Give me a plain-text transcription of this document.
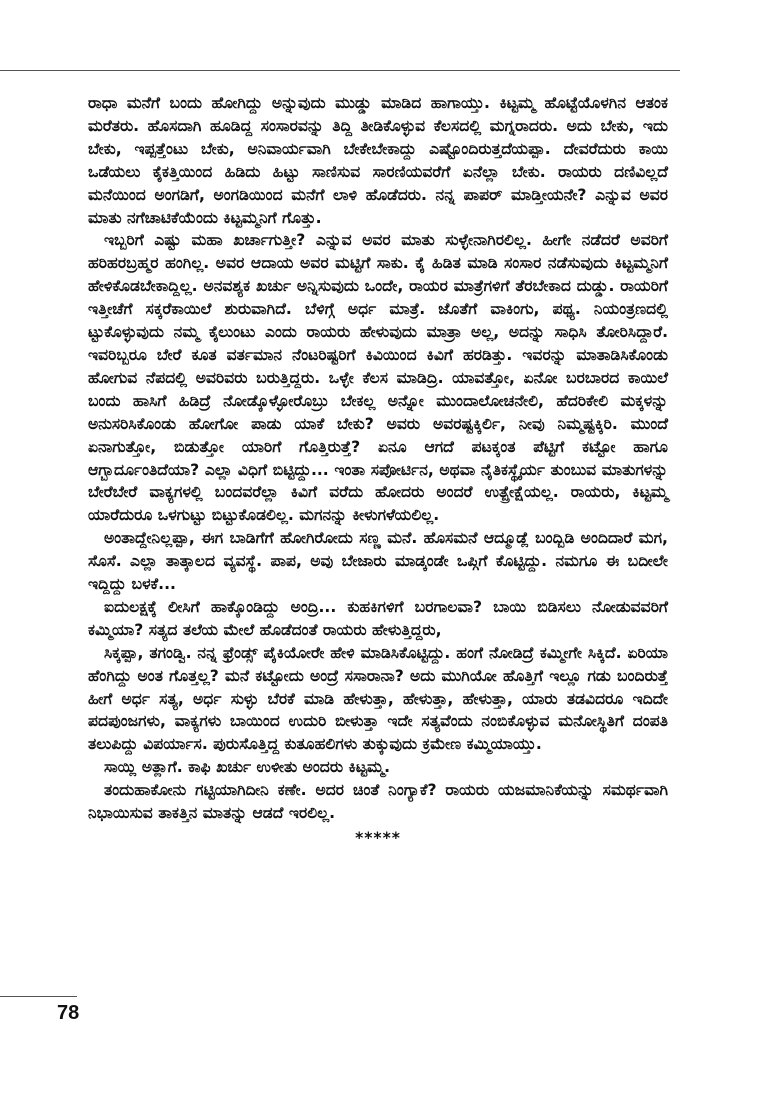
ರಾಧಾ ಮನೆಗೆ ಬಂದು ಹೋಗಿದ್ದು ಅನ್ನುವುದು ಮುಡ್ಡು ಮಾಡಿದ ಹಾಗಾಯ್ತು. ಕಿಟ್ಟಮ್ಮ ಹೊಟ್ಟೆಯೊಳಗಿನ ಆತಂಕ ಮರೆತರು. ಹೊಸದಾಗಿ ಹೂಡಿದ್ದ ಸಂಸಾರವನ್ನು ತಿದ್ದಿ ತೀಡಿಕೊಳ್ಳುವ ಕೆಲಸದಲ್ಲಿ ಮಗ್ನರಾದರು. ಅದು ಬೇಕು, ಇದು ಬೇಕು, ಇಪ್ಪತ್ತೆಂಟು ಬೇಕು, ಅನಿವಾರ್ಯವಾಗಿ ಬೇಕೇಬೇಕಾದ್ದು ಎಷ್ಟೊಂದಿರುತ್ತದೆಯಪ್ಪಾ. ದೇವರೆದುರು ಕಾಯಿ ಒಡೆಯಲು ಕೈಕತ್ತಿಯಿಂದ ಹಿಡಿದು ಹಿಟ್ಟು ಸಾಣಿಸುವ ಸಾರಣಿಯವರೆಗೆ ಏನೆಲ್ಲಾ ಬೇಕು. ರಾಯರು ದಣಿವಿಲ್ಲದೆ ಮನೆಯಿಂದ ಅಂಗಡಿಗೆ, ಅಂಗಡಿಯಿಂದ ಮನೆಗೆ ಲಾಳಿ ಹೊಡೆದರು. ನನ್ನ ಪಾಪರ್ ಮಾಡ್ತೀಯನೇ? ಎನ್ನುವ ಅವರ ಮಾತು ನಗೆಚಾಟಿಕೆಯೆಂದು ಕಿಟ್ಟಮ್ಮನಿಗೆ ಗೊತ್ತು.

ಇಬ್ಬರಿಗೆ ಎಷ್ಟು ಮಹಾ ಖರ್ಚಾಗುತ್ತೀ? ಎನ್ನುವ ಅವರ ಮಾತು ಸುಳ್ಳೇನಾಗಿರಲಿಲ್ಲ. ಹೀಗೇ ನಡೆದರೆ ಅವರಿಗೆ ಹರಿಹರಬ್ರಹ್ಮರ ಹಂಗಿಲ್ಲ. ಅವರ ಆದಾಯ ಅವರ ಮಟ್ಟಿಗೆ ಸಾಕು. ಕೈ ಹಿಡಿತ ಮಾಡಿ ಸಂಸಾರ ನಡೆಸುವುದು ಕಿಟ್ಟಮ್ಮನಿಗೆ ಹೇಳಿಕೊಡಬೇಕಾದ್ದಿಲ್ಲ. ಅನವಶ್ಯಕ ಖರ್ಚು ಅನ್ನಿಸುವುದು ಒಂದೇ, ರಾಯರ ಮಾತ್ರೆಗಳಿಗೆ ತೆರಬೇಕಾದ ದುಡ್ಡು. ರಾಯರಿಗೆ ಇತ್ತೀಚೆಗೆ ಸಕ್ಕರೆಕಾಯಿಲೆ ಶುರುವಾಗಿದೆ. ಬೆಳಿಗ್ಗೆ ಅರ್ಧ ಮಾತ್ರೆ. ಜೊತೆಗೆ ವಾಕಿಂಗು, ಪಥ್ಯ. ನಿಯಂತ್ರಣದಲ್ಲಿ ಟ್ಟುಕೊಳ್ಳುವುದು ನಮ್ಮ ಕೈಲುಂಟು ಎಂದು ರಾಯರು ಹೇಳುವುದು ಮಾತ್ರಾ ಅಲ್ಲ, ಅದನ್ನು ಸಾಧಿಸಿ ತೋರಿಸಿದ್ದಾರೆ. ಇವರಿಬ್ಬರೂ ಬೇರೆ ಕೂತ ವರ್ತಮಾನ ನೆಂಟರಿಷ್ಟರಿಗೆ ಕಿವಿಯಿಂದ ಕಿವಿಗೆ ಹರಡಿತ್ತು. ಇವರನ್ನು ಮಾತಾಡಿಸಿಕೊಂಡು ಹೋಗುವ ನೆಪದಲ್ಲಿ ಅವರಿವರು ಬರುತ್ತಿದ್ದರು. ಒಳ್ಳೇ ಕೆಲಸ ಮಾಡಿದ್ರಿ. ಯಾವತ್ತೋ, ಏನೋ ಬರಬಾರದ ಕಾಯಿಲೆ ಬಂದು ಹಾಸಿಗೆ ಹಿಡಿದ್ರೆ ನೋಡ್ಕೊಳ್ಳೋರೊಬ್ರು ಬೇಕಲ್ಲ ಅನ್ನೋ ಮುಂದಾಲೋಚನೇಲಿ, ಹೆದರಿಕೇಲಿ ಮಕ್ಕಳನ್ನು ಅನುಸರಿಸಿಕೊಂಡು ಹೋಗೋ ಪಾಡು ಯಾಕೆ ಬೇಕು? ಅವರು ಅವರಷ್ಟಕ್ಕಿರ್ಲಿ, ನೀವು ನಿಮ್ಮಷ್ಟಕ್ಕಿರಿ. ಮುಂದೆ ಏನಾಗುತ್ತೋ, ಬಿಡುತ್ತೋ ಯಾರಿಗೆ ಗೊತ್ತಿರುತ್ತೆ? ಏನೂ ಆಗದೆ ಪಟಕ್ಕಂತ ಪೆಟ್ಟಿಗೆ ಕಟ್ಟೋ ಹಾಗೂ ಆಗ್ಬಾರ್ದೂಂತಿದೆಯಾ? ಎಲ್ಲಾ ವಿಧಿಗೆ ಬಿಟ್ಟಿದ್ದು... ಇಂತಾ ಸಪೋರ್ಟಿನ, ಅಥವಾ ನೈತಿಕಸ್ಥೈರ್ಯ ತುಂಬುವ ಮಾತುಗಳನ್ನು ಬೇರೆಬೇರೆ ವಾಕ್ಯಗಳಲ್ಲಿ ಬಂದವರೆಲ್ಲಾ ಕಿವಿಗೆ ವರೆದು ಹೋದರು ಅಂದರೆ ಉತ್ಪ್ರೇಕ್ಷೆಯಲ್ಲ. ರಾಯರು, ಕಿಟ್ಟಮ್ಮ ಯಾರೆದುರೂ ಒಳಗುಟ್ಟು ಬಿಟ್ಟುಕೊಡಲಿಲ್ಲ. ಮಗನನ್ನು ಕೀಳುಗಳೆಯಲಿಲ್ಲ.

ಅಂತಾದ್ದೇನಿಲ್ಲಪ್ಪಾ, ಈಗ ಬಾಡಿಗೆಗೆ ಹೋಗಿರೋದು ಸಣ್ಣ ಮನೆ. ಹೊಸಮನೆ ಆದ್ಮೂಡ್ಲೆ ಬಂದ್ಬಿಡಿ ಅಂದಿದಾರೆ ಮಗ, ಸೊಸೆ. ಎಲ್ಲಾ ತಾತ್ಕಾಲದ ವ್ಯವಸ್ಥೆ. ಪಾಪ, ಅವು ಬೇಜಾರು ಮಾಡ್ಕಂಡೇ ಒಪ್ಗಿಗೆ ಕೊಟ್ಟಿದ್ದು. ನಮಗೂ ಈ ಬದೀಲೇ ಇದ್ದಿದ್ದು ಬಳಕೆ...

ಐದುಲಕ್ಷಕ್ಕೆ ಲೀಸಿಗೆ ಹಾಕ್ಕೊಂಡಿದ್ದು ಅಂದ್ರಿ... ಕುಹಕಿಗಳಿಗೆ ಬರಗಾಲವಾ? ಬಾಯಿ ಬಿಡಿಸಲು ನೋಡುವವರಿಗೆ ಕಮ್ಮಿಯಾ? ಸತ್ಯದ ತಲೆಯ ಮೇಲೆ ಹೊಡೆದಂತೆ ರಾಯರು ಹೇಳುತ್ತಿದ್ದರು,

ಸಿಕ್ಕಪ್ಪಾ, ತಗಂಡ್ವಿ. ನನ್ನ ಫ್ರೆಂಡ್ಸ್ ಪೈಕಿಯೋರೇ ಹೇಳಿ ಮಾಡಿಸಿಕೊಟ್ಟಿದ್ದು. ಹಂಗೆ ನೋಡಿದ್ರೆ ಕಮ್ಮೀಗೇ ಸಿಕ್ಕಿದೆ. ಏರಿಯಾ ಹೆಂಗಿದ್ದು ಅಂತ ಗೊತ್ತಲ್ಲ? ಮನೆ ಕಟ್ಟೋದು ಅಂದ್ರೆ ಸಸಾರಾನಾ? ಅದು ಮುಗಿಯೋ ಹೊತ್ತಿಗೆ ಇಲ್ಲೂ ಗಡು ಬಂದಿರುತ್ತೆ ಹೀಗೆ ಅರ್ಧ ಸತ್ಯ, ಅರ್ಧ ಸುಳ್ಳು ಬೆರಕೆ ಮಾಡಿ ಹೇಳುತ್ತಾ, ಹೇಳುತ್ತಾ, ಹೇಳುತ್ತಾ, ಯಾರು ತಡವಿದರೂ ಇದಿದೇ ಪದಪುಂಜಗಳು, ವಾಕ್ಯಗಳು ಬಾಯಿಂದ ಉದುರಿ ಬೀಳುತ್ತಾ ಇದೇ ಸತ್ಯವೆಂದು ನಂಬಿಕೊಳ್ಳುವ ಮನೋಸ್ಥಿತಿಗೆ ದಂಪತಿ ತಲುಪಿದ್ದು ವಿಪರ್ಯಾಸ. ಪುರುಸೊತ್ತಿದ್ದ ಕುತೂಹಲಿಗಳು ತುಕ್ಕುವುದು ಕ್ರಮೇಣ ಕಮ್ಮಿಯಾಯ್ತು.

ಸಾಯ್ಲಿ ಅತ್ಲಾಗೆ. ಕಾಫಿ ಖರ್ಚು ಉಳೀತು ಅಂದರು ಕಿಟ್ಟಮ್ಮ.

ತಂದುಹಾಕೋನು ಗಟ್ಟಿಯಾಗಿದೀನಿ ಕಣೇ. ಅದರ ಚಿಂತೆ ನಿಂಗ್ಯಾಕೆ? ರಾಯರು ಯಜಮಾನಿಕೆಯನ್ನು ಸಮರ್ಥವಾಗಿ ನಿಭಾಯಿಸುವ ತಾಕತ್ತಿನ ಮಾತನ್ನು ಆಡದೆ ಇರಲಿಲ್ಲ.

*****
78
